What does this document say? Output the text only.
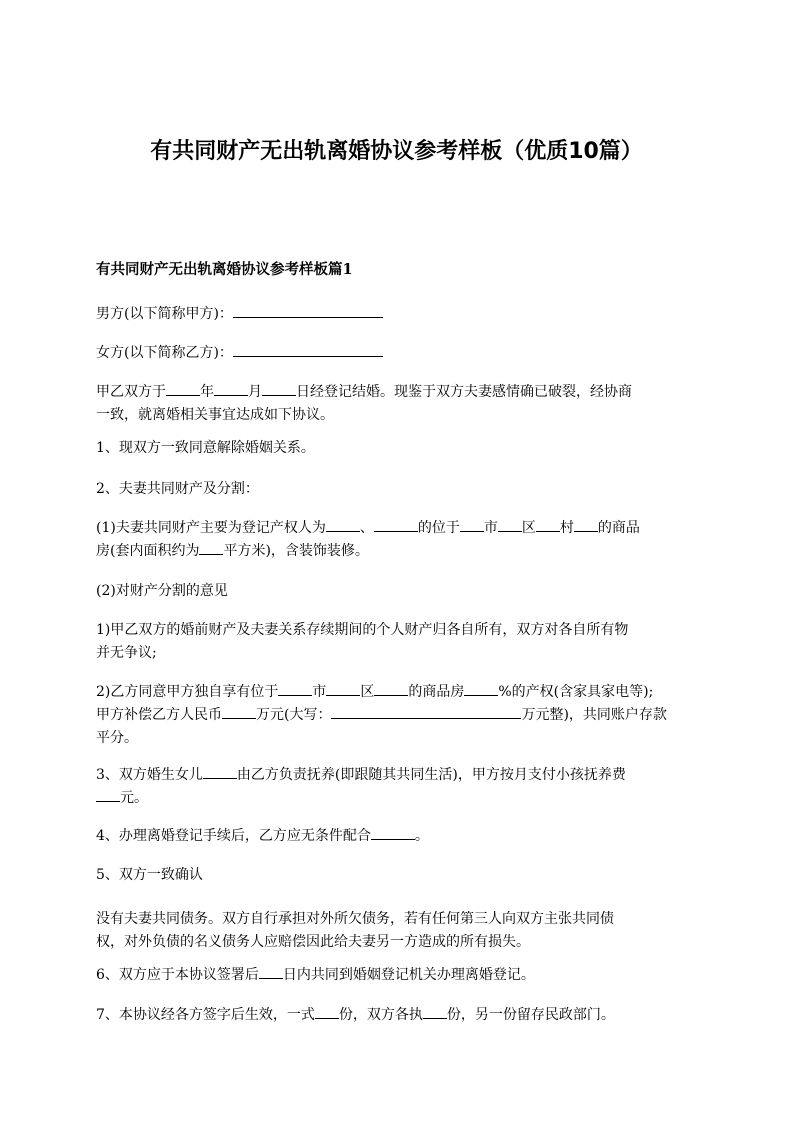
有共同财产无出轨离婚协议参考样板（优质10篇）
有共同财产无出轨离婚协议参考样板篇1

男方(以下简称甲方)：

女方(以下简称乙方)：

甲乙双方于 年 月 日经登记结婚。现鉴于双方夫妻感情确已破裂，经协商
一致，就离婚相关事宜达成如下协议。

1、现双方一致同意解除婚姻关系。

2、夫妻共同财产及分割：

(1)夫妻共同财产主要为登记产权人为 、	的位于 市 区 村 的商品
房(套内面积约为 平方米)，含装饰装修。

(2)对财产分割的意见

1)甲乙双方的婚前财产及夫妻关系存续期间的个人财产归各自所有，双方对各自所有物
并无争议;

2)乙方同意甲方独自享有位于 市 区 的商品房 %的产权(含家具家电等);
甲方补偿乙方人民币 万元(大写：	万元整)，共同账户存款
平分。

3、双方婚生女儿 由乙方负责抚养(即跟随其共同生活)，甲方按月支付小孩抚养费
元。

4、办理离婚登记手续后，乙方应无条件配合	。

5、双方一致确认

没有夫妻共同债务。双方自行承担对外所欠债务，若有任何第三人向双方主张共同债
权，对外负债的名义债务人应赔偿因此给夫妻另一方造成的所有损失。

6、双方应于本协议签署后 日内共同到婚姻登记机关办理离婚登记。

7、本协议经各方签字后生效，一式 份，双方各执 份，另一份留存民政部门。
